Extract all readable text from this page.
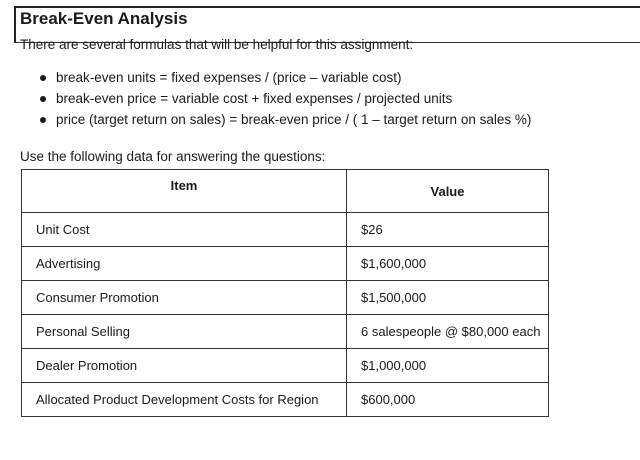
Break-Even Analysis

There are several formulas that will be helpful for this assignment:

break-even units = fixed expenses / (price – variable cost)
break-even price = variable cost + fixed expenses / projected units
price (target return on sales) = break-even price / ( 1 – target return on sales %)

Use the following data for answering the questions:

Item	Value
Unit Cost	$26
Advertising	$1,600,000
Consumer Promotion	$1,500,000
Personal Selling	6 salespeople @ $80,000 each
Dealer Promotion	$1,000,000
Allocated Product Development Costs for Region	$600,000
